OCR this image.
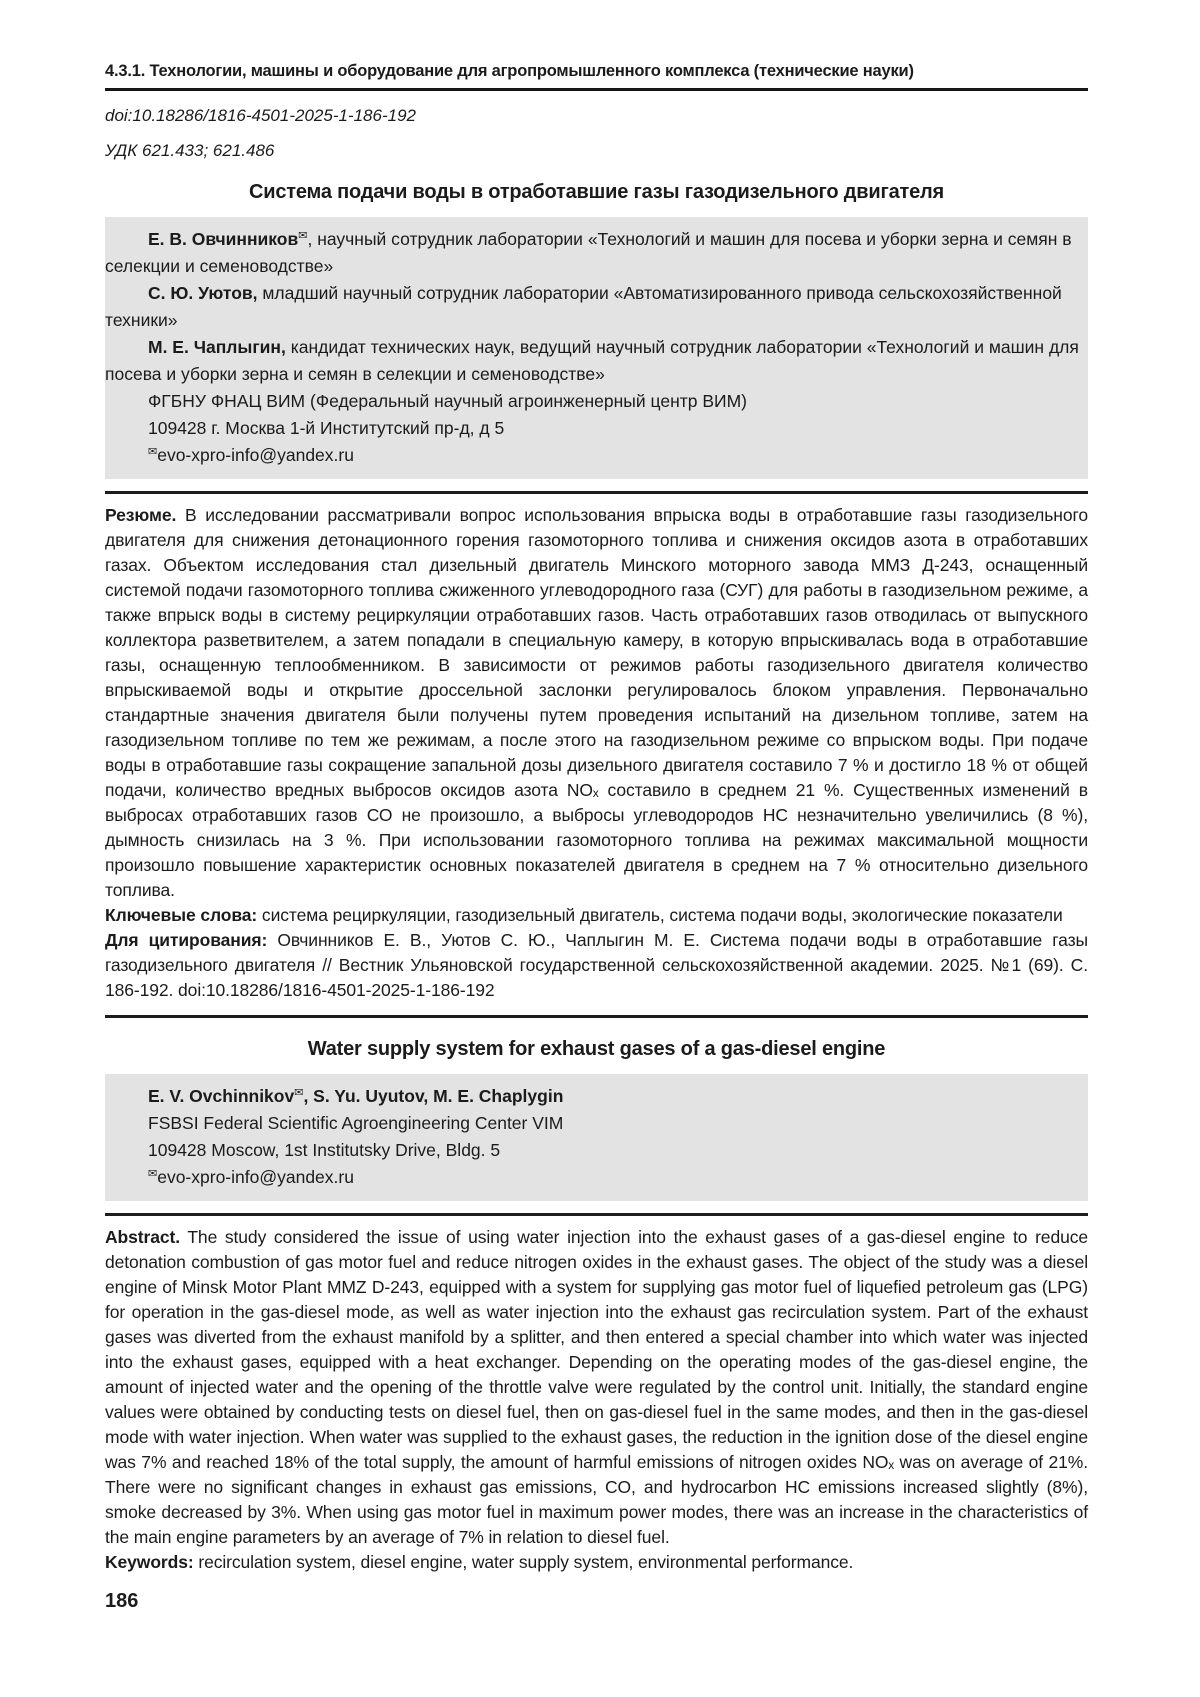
4.3.1. Технологии, машины и оборудование для агропромышленного комплекса (технические науки)
doi:10.18286/1816-4501-2025-1-186-192
УДК 621.433; 621.486
Система подачи воды в отработавшие газы газодизельного двигателя

Е. В. Овчинников✉, научный сотрудник лаборатории «Технологий и машин для посева и уборки зерна и семян в селекции и семеноводстве»

С. Ю. Уютов, младший научный сотрудник лаборатории «Автоматизированного привода сельскохозяйственной техники»

М. Е. Чаплыгин, кандидат технических наук, ведущий научный сотрудник лаборатории «Технологий и машин для посева и уборки зерна и семян в селекции и семеноводстве»

ФГБНУ ФНАЦ ВИМ (Федеральный научный агроинженерный центр ВИМ)

109428 г. Москва 1-й Институтский пр-д, д 5

✉evo-xpro-info@yandex.ru

Резюме. В исследовании рассматривали вопрос использования впрыска воды в отработавшие газы газодизельного двигателя для снижения детонационного горения газомоторного топлива и снижения оксидов азота в отработавших газах. Объектом исследования стал дизельный двигатель Минского моторного завода ММЗ Д-243, оснащенный системой подачи газомоторного топлива сжиженного углеводородного газа (СУГ) для работы в газодизельном режиме, а также впрыск воды в систему рециркуляции отработавших газов. Часть отработавших газов отводилась от выпускного коллектора разветвителем, а затем попадали в специальную камеру, в которую впрыскивалась вода в отработавшие газы, оснащенную теплообменником. В зависимости от режимов работы газодизельного двигателя количество впрыскиваемой воды и открытие дроссельной заслонки регулировалось блоком управления. Первоначально стандартные значения двигателя были получены путем проведения испытаний на дизельном топливе, затем на газодизельном топливе по тем же режимам, а после этого на газодизельном режиме со впрыском воды. При подаче воды в отработавшие газы сокращение запальной дозы дизельного двигателя составило 7 % и достигло 18 % от общей подачи, количество вредных выбросов оксидов азота NOₓ составило в среднем 21 %. Существенных изменений в выбросах отработавших газов СО не произошло, а выбросы углеводородов НС незначительно увеличились (8 %), дымность снизилась на 3 %. При использовании газомоторного топлива на режимах максимальной мощности произошло повышение характеристик основных показателей двигателя в среднем на 7 % относительно дизельного топлива.

Ключевые слова: система рециркуляции, газодизельный двигатель, система подачи воды, экологические показатели

Для цитирования: Овчинников Е. В., Уютов С. Ю., Чаплыгин М. Е. Система подачи воды в отработавшие газы газодизельного двигателя // Вестник Ульяновской государственной сельскохозяйственной академии. 2025. №1 (69). С. 186-192. doi:10.18286/1816-4501-2025-1-186-192

Water supply system for exhaust gases of a gas-diesel engine

E. V. Ovchinnikov✉, S. Yu. Uyutov, M. E. Chaplygin

FSBSI Federal Scientific Agroengineering Center VIM

109428 Moscow, 1st Institutsky Drive, Bldg. 5

✉evo-xpro-info@yandex.ru

Abstract. The study considered the issue of using water injection into the exhaust gases of a gas-diesel engine to reduce detonation combustion of gas motor fuel and reduce nitrogen oxides in the exhaust gases. The object of the study was a diesel engine of Minsk Motor Plant MMZ D-243, equipped with a system for supplying gas motor fuel of liquefied petroleum gas (LPG) for operation in the gas-diesel mode, as well as water injection into the exhaust gas recirculation system. Part of the exhaust gases was diverted from the exhaust manifold by a splitter, and then entered a special chamber into which water was injected into the exhaust gases, equipped with a heat exchanger. Depending on the operating modes of the gas-diesel engine, the amount of injected water and the opening of the throttle valve were regulated by the control unit. Initially, the standard engine values were obtained by conducting tests on diesel fuel, then on gas-diesel fuel in the same modes, and then in the gas-diesel mode with water injection. When water was supplied to the exhaust gases, the reduction in the ignition dose of the diesel engine was 7% and reached 18% of the total supply, the amount of harmful emissions of nitrogen oxides NOₓ was on average of 21%. There were no significant changes in exhaust gas emissions, CO, and hydrocarbon HC emissions increased slightly (8%), smoke decreased by 3%. When using gas motor fuel in maximum power modes, there was an increase in the characteristics of the main engine parameters by an average of 7% in relation to diesel fuel.

Keywords: recirculation system, diesel engine, water supply system, environmental performance.

186
